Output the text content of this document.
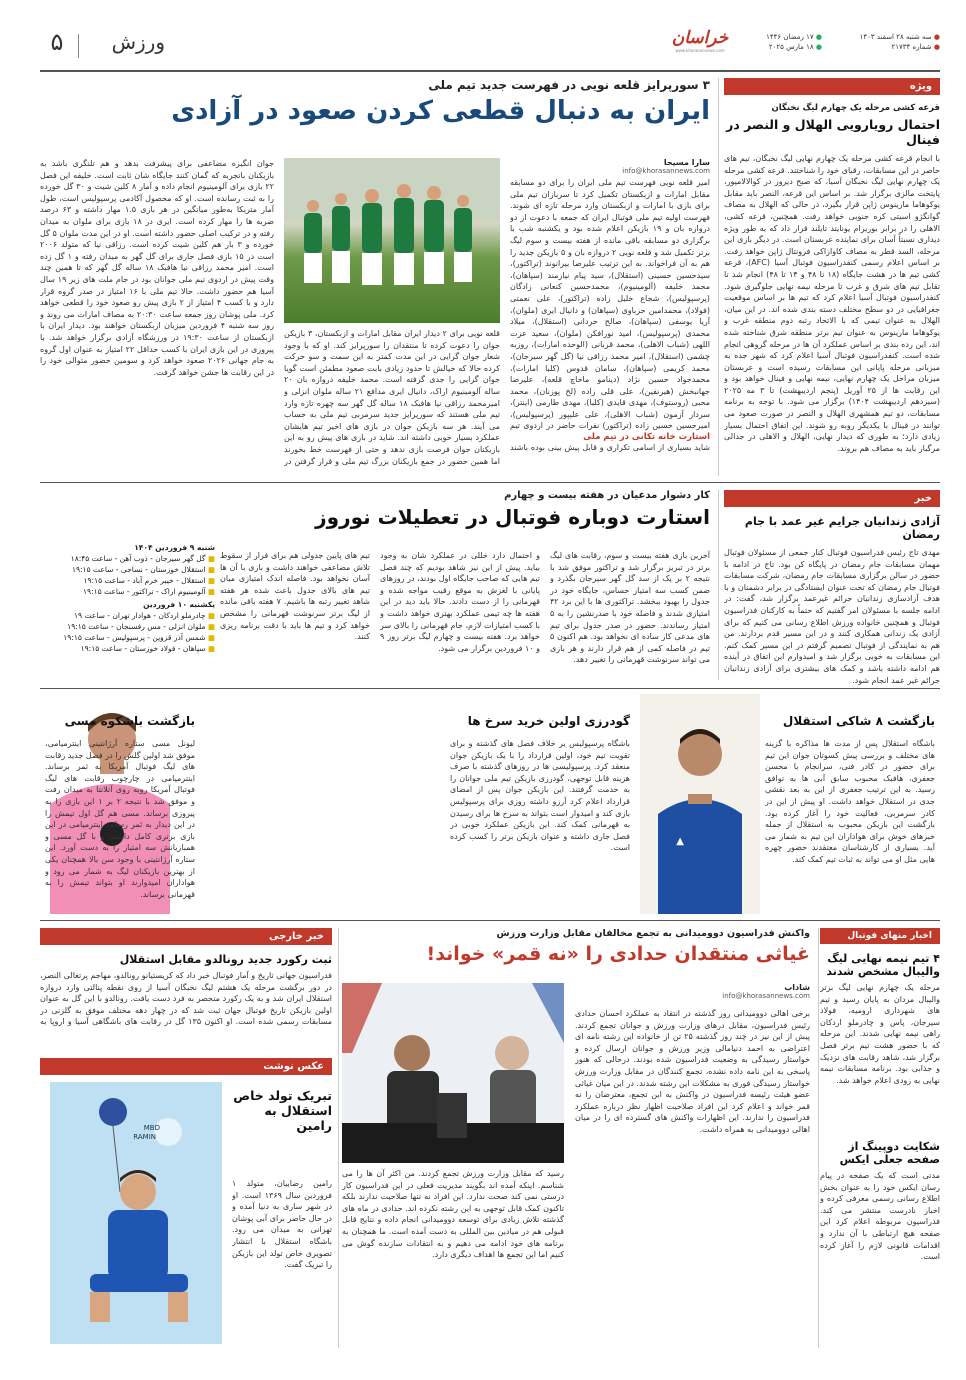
● سه شنبه ۲۸ اسفند ۱۴۰۳
● شماره ۲۱۷۳۴
● ۱۷ رمضان ۱۴۴۶
● ۱۸ مارس ۲۰۲۵
خراسان
www.khorasannews.com
ورزش
۵
ویژه
قرعه کشی مرحله یک چهارم لیگ نخبگان
احتمال رویارویی الهلال و النصر در فینال
با انجام قرعه کشی مرحله یک چهارم نهایی لیگ نخبگان، تیم های حاضر در این مسابقات، رقبای خود را شناختند. قرعه کشی مرحله یک چهارم نهایی لیگ نخبگان آسیا، که صبح دیروز در کوالالامپور، پایتخت مالزی برگزار شد. بر اساس این قرعه، النصر باید مقابل یوکوهاما مارینوس ژاپن قرار بگیرد، در حالی که الهلال به مصاف گوانگژو اسیتی کره جنوبی خواهد رفت. همچنین، قرعه کشی، الاهلی را در برابر بوریرام یونایتد تایلند قرار داد که به طور ویژه دیداری نسبتاً آسان برای نماینده عربستان است. در دیگر بازی این مرحله، السد قطر به مصاف کاوازاکی فرونتال ژاپن خواهد رفت. بر اساس اعلام رسمی کنفدراسیون فوتبال آسیا (AFC)، قرعه کشی تیم ها در هشت جایگاه (۱۸ تا ۴۸ و ۱۴ تا ۴۸) انجام شد تا تقابل تیم های شرق و غرب تا مرحله نیمه نهایی جلوگیری شود. کنفدراسیون فوتبال آسیا اعلام کرد که تیم ها بر اساس موقعیت جغرافیایی در دو سطح مختلف دسته بندی شده اند. در این میان، الهلال به عنوان تیمی که با الاتحاد رتبه دوم منطقه غرب و یوکوهاما مارینوس به عنوان تیم برتر منطقه شرق شناخته شده اند، این رده بندی بر اساس عملکرد آن ها در مرحله گروهی انجام شده است. کنفدراسیون فوتبال آسیا اعلام کرد که شهر جده به میزبانی مرحله پایانی این مسابقات رسیده است و عربستان میزبان مراحل یک چهارم نهایی، نیمه نهایی و فینال خواهد بود و این رقابت ها از ۲۵ آوریل (پنجم اردیبهشت) تا ۳ مه ۲۰۲۵ (سیزدهم اردیبهشت ۱۴۰۴) برگزار می شود. با توجه به برنامه مسابقات، دو تیم همشهری الهلال و النصر در صورت صعود می توانند در فینال با یکدیگر روبه رو شوند. این اتفاق احتمال بسیار زیادی دارد؛ به طوری که دیدار نهایی، الهلال و الاهلی در جدالی مرگبار باید به مصاف هم بروند.
۳ سورپرایز قلعه نویی در فهرست جدید تیم ملی
ایران به دنبال قطعی کردن صعود در آزادی
سارا مسیحا
info@khorasannews.com
امیر قلعه نویی فهرست تیم ملی ایران را برای دو مسابقه مقابل امارات و ازبکستان تکمیل کرد تا سربازان تیم ملی برای بازی با امارات و ازبکستان وارد مرحله تازه ای شوند. فهرست اولیه تیم ملی فوتبال ایران که جمعه با دعوت از دو دروازه بان و ۱۹ بازیکن اعلام شده بود و یکشنبه شب با برگزاری دو مسابقه باقی مانده از هفته بیست و سوم لیگ برتر تکمیل شد و قلعه نویی ۲ دروازه بان و ۵ بازیکن جدید را هم به آن فراخواند. به این ترتیب علیرضا بیرانوند (تراکتور)، سیدحسین حسینی (استقلال)، سید پیام نیازمند (سپاهان)، محمد خلیفه (آلومینیوم)، محمدحسین کنعانی زادگان (پرسپولیس)، شجاع خلیل زاده (تراکتور)، علی نعمتی (فولاد)، محمدامین حزباوی (سپاهان) و دانیال ایری (ملوان)، آریا یوسفی (سپاهان)، صالح حردانی (استقلال)، میلاد محمدی (پرسپولیس)، امید نورافکن (ملوان)، سعید عزت اللهی (شباب الاهلی)، محمد قربانی (الوحده امارات)، روزبه چشمی (استقلال)، امیر محمد رزاقی نیا (گل گهر سیرجان)، محمد کریمی (سپاهان)، سامان قدوس (کلبا امارات)، محمدجواد حسین نژاد (دینامو ماخاچ قلعه)، علیرضا جهانبخش (هیرنفین)، علی قلی زاده (لخ پوزنان)، محمد محبی (روستوف)، مهدی قایدی (کلبا)، مهدی طارمی (اینتر)، سردار آزمون (شباب الاهلی)، علی علیپور (پرسپولیس)، امیرحسین حسین زاده (تراکتور) نفرات حاضر در اردوی تیم
استارت خانه تکانی در تیم ملی
شاید بسیاری از اسامی تکراری و قابل پیش بینی بوده باشند
قلعه نویی برای ۲ دیدار ایران مقابل امارات و ازبکستان، ۳ بازیکن جوان را دعوت کرده تا منتقدان را سورپرایز کند. او که با وجود شعار جوان گرایی در این مدت کمتر به این سمت و سو حرکت کرده حالا که خیالش تا حدود زیادی بابت صعود مطمئن است گویا جوان گرایی را جدی گرفته است. محمد خلیفه دروازه بان ۲۰ ساله آلومینیوم اراک، دانیال ایری مدافع ۲۱ ساله ملوان انزلی و امیرمحمد رزاقی نیا هافبک ۱۸ ساله گل گهر سه چهره تازه وارد تیم ملی هستند که سورپرایز جدید سرمربی تیم ملی به حساب می آیند. هر سه بازیکن جوان در بازی های اخیر تیم هایشان عملکرد بسیار خوبی داشته اند. شاید در بازی های پیش رو به این بازیکنان جوان فرصت بازی ندهد و حتی از فهرست خط بخورند اما همین حضور در جمع بازیکنان بزرگ تیم ملی و قرار گرفتن در
جوان انگیزه مضاعفی برای پیشرفت بدهد و هم تلنگری باشد به بازیکنان باتجربه که گمان کنند جایگاه شان ثابت است. خلیفه این فصل ۲۲ بازی برای آلومینیوم انجام داده و آمار ۸ کلین شیت و ۳۰ گل خورده را به ثبت رسانده است. او که محصول آکادمی پرسپولیس است، طول آمار متریکا به‌طور میانگین در هر بازی ۱.۵ مهار داشته و ۶۳ درصد ضربه ها را مهار کرده است. ایری در ۱۸ بازی برای ملوان به میدان رفته و در ترکیب اصلی حضور داشته است. او در این مدت ملوان ۵ گل خورده و ۳ بار هم کلین شیت کرده است. رزاقی نیا که متولد ۲۰۰۶ است در ۱۵ بازی فصل جاری برای گل گهر به میدان رفته و ۱ گل زده است. امیر محمد رزاقی نیا هافبک ۱۸ ساله گل گهر که تا همین چند وقت پیش در اردوی تیم ملی جوانان بود در جام ملت های زیر ۱۹ سال آسیا هم حضور داشت. حالا تیم ملی با ۱۶ امتیاز در صدر گروه قرار دارد و با کسب ۴ امتیاز از ۲ بازی پیش رو صعود خود را قطعی خواهد کرد. ملی پوشان روز جمعه ساعت ۲۰:۳۰ به مصاف امارات می روند و روز سه شنبه ۴ فروردین میزبان ازبکستان خواهند بود. دیدار ایران با ازبکستان از ساعت ۱۹:۳۰ در ورزشگاه آزادی برگزار خواهد شد. با پیروزی در این بازی ایران با کسب حداقل ۲۲ امتیاز به عنوان اول گروه به جام جهانی ۲۰۲۶ صعود خواهد کرد و سومین حضور متوالی خود را در این رقابت ها جشن خواهد گرفت.
خبر
آزادی زندانیان جرایم غیر عمد با جام رمضان
مهدی تاج رئیس فدراسیون فوتبال کنار جمعی از مسئولان فوتبال مهمان مسابقات جام رمضان در پایگاه کن بود. تاج در ادامه با حضور در سالن برگزاری مسابقات جام رمضان، شرکت مسابقات فوتبال جام رمضان که تحت عنوان ایستادگی در برابر دشمنان و با هدف آزادسازی زندانیان جرائم غیرعمد برگزار شد، گفت: در ادامه جلسه با مسئولان امر گفتیم که حتماً به کارکنان فدراسیون فوتبال و همچنین خانواده ورزش اطلاع رسانی می کنیم که برای آزادی یک زندانی همکاری کنند و در این مسیر قدم بردارند. من هم به نمایندگی از فوتبال تصمیم گرفتم در این مسیر کمک کنم. این مسابقات به خوبی برگزار شد و امیدوارم این اتفاق در آینده هم ادامه داشته باشد و کمک های بیشتری برای آزادی زندانیان جرائم غیر عمد انجام شود.
کار دشوار مدعیان در هفته بیست و چهارم
استارت دوباره فوتبال در تعطیلات نوروز
آخرین بازی هفته بیست و سوم، رقابت های لیگ برتر در تبریز برگزار شد و تراکتور موفق شد با نتیجه ۲ بر یک از سد گل گهر سیرجان بگذرد و ضمن کسب سه امتیاز حساس، جایگاه خود در جدول را بهبود ببخشد. تراکتوری ها با این برد ۴۲ امتیازی شدند و فاصله خود با صدرنشین را به ۵ امتیاز رساندند. حضور در صدر جدول برای تیم های مدعی کار ساده ای نخواهد بود. هم اکنون ۵ تیم در فاصله کمی از هم قرار دارند و هر بازی می تواند سرنوشت قهرمانی را تغییر دهد.
و احتمال دارد خللی در عملکرد شان به وجود بیاید. پیش از این نیز شاهد بودیم که چند فصل تیم هایی که صاحب جایگاه اول بودند، در روزهای پایانی با لغزش به موقع رقیب مواجه شده و قهرمانی را از دست دادند. حالا باید دید در این هفته ها چه تیمی عملکرد بهتری خواهد داشت و با کسب امتیازات لازم، جام قهرمانی را بالای سر خواهد برد. هفته بیست و چهارم لیگ برتر روز ۹ و ۱۰ فروردین برگزار می شود.
تیم های پایین جدولی هم برای فرار از سقوط تلاش مضاعفی خواهند داشت و بازی با آن ها آسان نخواهد بود. فاصله اندک امتیازی میان تیم های بالای جدول باعث شده هر هفته شاهد تغییر رتبه ها باشیم. ۷ هفته باقی مانده از لیگ برتر سرنوشت قهرمانی را مشخص خواهد کرد و تیم ها باید با دقت برنامه ریزی کنند.
شنبه ۹ فروردین ۱۴۰۴
■ گل گهر سیرجان - ذوب آهن - ساعت ۱۸:۴۵
■ استقلال خوزستان - نساجی - ساعت ۱۹:۱۵
■ استقلال - خیبر خرم آباد - ساعت ۱۹:۱۵
■ آلومینیوم اراک - تراکتور - ساعت ۱۹:۱۵
یکشنبه ۱۰ فروردین
■ چادرملو اردکان - هوادار تهران - ساعت ۱۹
■ ملوان انزلی - مس رفسنجان - ساعت ۱۹:۱۵
■ شمس آذر قزوین - پرسپولیس - ساعت ۱۹:۱۵
■ سپاهان - فولاد خوزستان - ساعت ۱۹:۱۵
▲
بازگشت ۸ شاکی استقلال
باشگاه استقلال پس از مدت ها مذاکره با گزینه های مختلف و بررسی پیش کسوتان جوان این تیم برای حضور در کادر فنی، سرانجام با محسن جعفری، هافبک محبوب سابق آبی ها به توافق رسید. به این ترتیب جعفری از این به بعد نقشی جدی در استقلال خواهد داشت. او پیش از این در کادر سرمربی، فعالیت خود را آغاز کرده بود. بازگشت این بازیکن محبوب به استقلال از جمله خبرهای خوش برای هواداران این تیم به شمار می آید. بسیاری از کارشناسان معتقدند حضور چهره هایی مثل او می تواند به ثبات تیم کمک کند.
گودرزی اولین خرید سرخ ها
باشگاه پرسپولیس بر خلاف فصل های گذشته و برای تقویت تیم خود، اولین قرارداد را با یک بازیکن جوان منعقد کرد. پرسپولیسی ها در روزهای گذشته با صرف هزینه قابل توجهی، گودرزی بازیکن تیم ملی جوانان را به خدمت گرفتند. این بازیکن جوان پس از امضای قرارداد اعلام کرد آرزو داشته روزی برای پرسپولیس بازی کند و امیدوار است بتواند به سرخ ها برای رسیدن به قهرمانی کمک کند. این بازیکن عملکرد خوبی در فصل جاری داشته و عنوان بازیکن برتر را کسب کرده است.
بازگشت باشکوه مسی
لیونل مسی ستاره آرژانتینی اینترمیامی، موفق شد اولین گلش را در فصل جدید رقابت های لیگ فوتبال آمریکا به ثمر برساند. اینترمیامی در چارچوب رقابت های لیگ فوتبال آمریکا روبه روی آتلانتا به میدان رفت و موفق شد با نتیجه ۲ بر ۱ این بازی را به پیروزی برساند. مسی هم گل اول تیمش را در این دیدار به ثمر رساند. اینترمیامی در این بازی برتری کامل داشت و با گل مسی و همبازیانش سه امتیاز را به دست آورد. این ستاره آرژانتینی با وجود سن بالا همچنان یکی از بهترین بازیکنان لیگ به شمار می رود و هواداران امیدوارند او بتواند تیمش را به قهرمانی برساند.
اخبار منهای فوتبال
۴ تیم نیمه نهایی لیگ والیبال مشخص شدند
مرحله یک چهارم نهایی لیگ برتر والیبال مردان به پایان رسید و تیم های شهرداری ارومیه، فولاد سیرجان، پاس و چادرملو اردکان راهی نیمه نهایی شدند. این مرحله که با حضور هشت تیم برتر فصل برگزار شد، شاهد رقابت های نزدیک و جذابی بود. برنامه مسابقات نیمه نهایی به زودی اعلام خواهد شد.
شکایت دوپینگ از صفحه جعلی ایکس
مدتی است که یک صفحه در پیام رسان ایکس خود را به عنوان بخش اطلاع رسانی رسمی معرفی کرده و اخبار نادرست منتشر می کند. فدراسیون مربوطه اعلام کرد این صفحه هیچ ارتباطی با آن ندارد و اقدامات قانونی لازم را آغاز کرده است.
واکنش فدراسیون دوومیدانی به تجمع مخالفان مقابل وزارت ورزش
غیاثی منتقدان حدادی را «نه قمر» خواند!
شاداب
info@khorasannews.com
برخی اهالی دوومیدانی روز گذشته در انتقاد به عملکرد احسان حدادی رئیس فدراسیون، مقابل درهای وزارت ورزش و جوانان تجمع کردند. پیش از این نیز در چند روز گذشته ۲۵ تن از خانواده این رشته نامه ای اعتراضی به احمد دنیامالی وزیر ورزش و جوانان ارسال کرده و خواستار رسیدگی به وضعیت فدراسیون شده بودند. درحالی که هنوز پاسخی به این نامه داده نشده، تجمع کنندگان در مقابل وزارت ورزش خواستار رسیدگی فوری به مشکلات این رشته شدند. در این میان غیاثی عضو هیئت رئیسه فدراسیون در واکنش به این تجمع، معترضان را نه قمر خواند و اعلام کرد این افراد صلاحیت اظهار نظر درباره عملکرد فدراسیون را ندارند. این اظهارات واکنش های گسترده ای را در میان اهالی دوومیدانی به همراه داشت.
رسید که مقابل وزارت ورزش تجمع کردند. من اکثر آن ها را می شناسم. اینکه آمده اند بگویند مدیریت فعلی در این فدراسیون کار درستی نمی کند صحت ندارد. این افراد نه تنها صلاحیت ندارند بلکه تاکنون کمک قابل توجهی به این رشته نکرده اند. حدادی در ماه های گذشته تلاش زیادی برای توسعه دوومیدانی انجام داده و نتایج قابل قبولی هم در میادین بین المللی به دست آمده است. ما همچنان به برنامه های خود ادامه می دهیم و به انتقادات سازنده گوش می کنیم اما این تجمع ها اهداف دیگری دارد.
خبر خارجی
ثبت رکورد جدید رونالدو مقابل استقلال
فدراسیون جهانی تاریخ و آمار فوتبال خبر داد که کریستیانو رونالدو، مهاجم پرتغالی النصر، در دور برگشت مرحله یک هشتم لیگ نخبگان آسیا از روی نقطه پنالتی وارد دروازه استقلال ایران شد و به یک رکورد منحصر به فرد دست یافت. رونالدو با این گل به عنوان اولین بازیکن تاریخ فوتبال جهان ثبت شد که در چهار دهه مختلف موفق به گلزنی در مسابقات رسمی شده است. او اکنون ۱۳۵ گل در رقابت های باشگاهی آسیا و اروپا به
عکس نوشت
MBD
RAMIN
تبریک تولد خاص استقلال به رامین
رامین رضاییان، متولد ۱ فروردین سال ۱۳۶۹ است. او در شهر ساری به دنیا آمده و در حال حاضر برای آبی پوشان تهرانی به میدان می رود. باشگاه استقلال با انتشار تصویری خاص تولد این بازیکن را تبریک گفت.
